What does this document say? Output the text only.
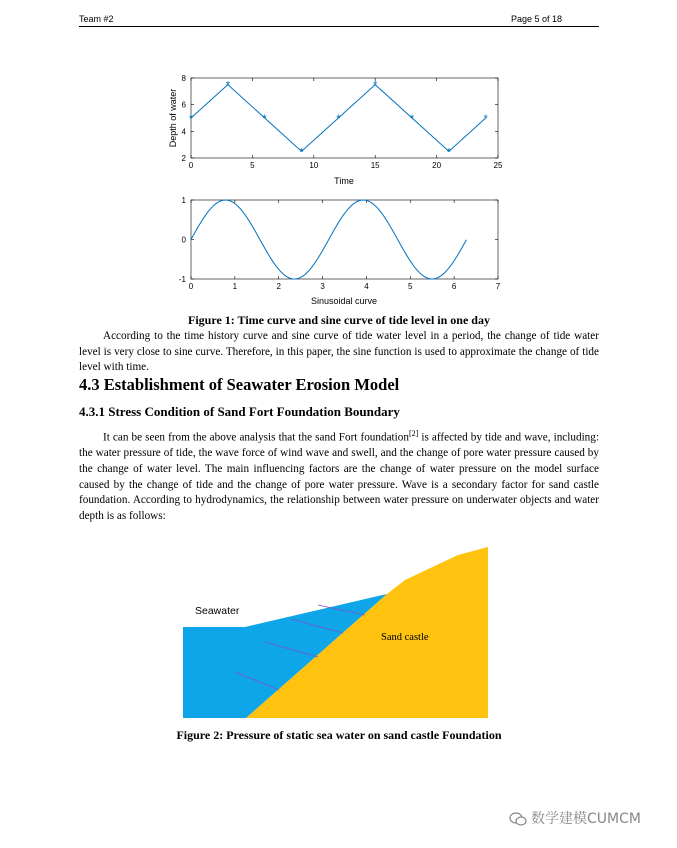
Team #2	Page 5 of 18
0	5	10	15	20	25
2
4
6
8
*
*
*
*
*
*
*
*
*
Time
Depth of water
0	1	2	3	4	5	6	7
-1
0
1
Sinusoidal curve
Figure 1: Time curve and sine curve of tide level in one day
According to the time history curve and sine curve of tide water level in a period, the change of tide water level is very close to sine curve. Therefore, in this paper, the sine function is used to approximate the change of tide level with time.
4.3 Establishment of Seawater Erosion Model
4.3.1 Stress Condition of Sand Fort Foundation Boundary
It can be seen from the above analysis that the sand Fort foundation[2] is affected by tide and wave, including: the water pressure of tide, the wave force of wind wave and swell, and the change of pore water pressure caused by the change of water level. The main influencing factors are the change of water pressure on the model surface caused by the change of tide and the change of pore water pressure. Wave is a secondary factor for sand castle foundation. According to hydrodynamics, the relationship between water pressure on underwater objects and water depth is as follows:
Seawater
Sand castle
Figure 2: Pressure of static sea water on sand castle Foundation
数学建模CUMCM
